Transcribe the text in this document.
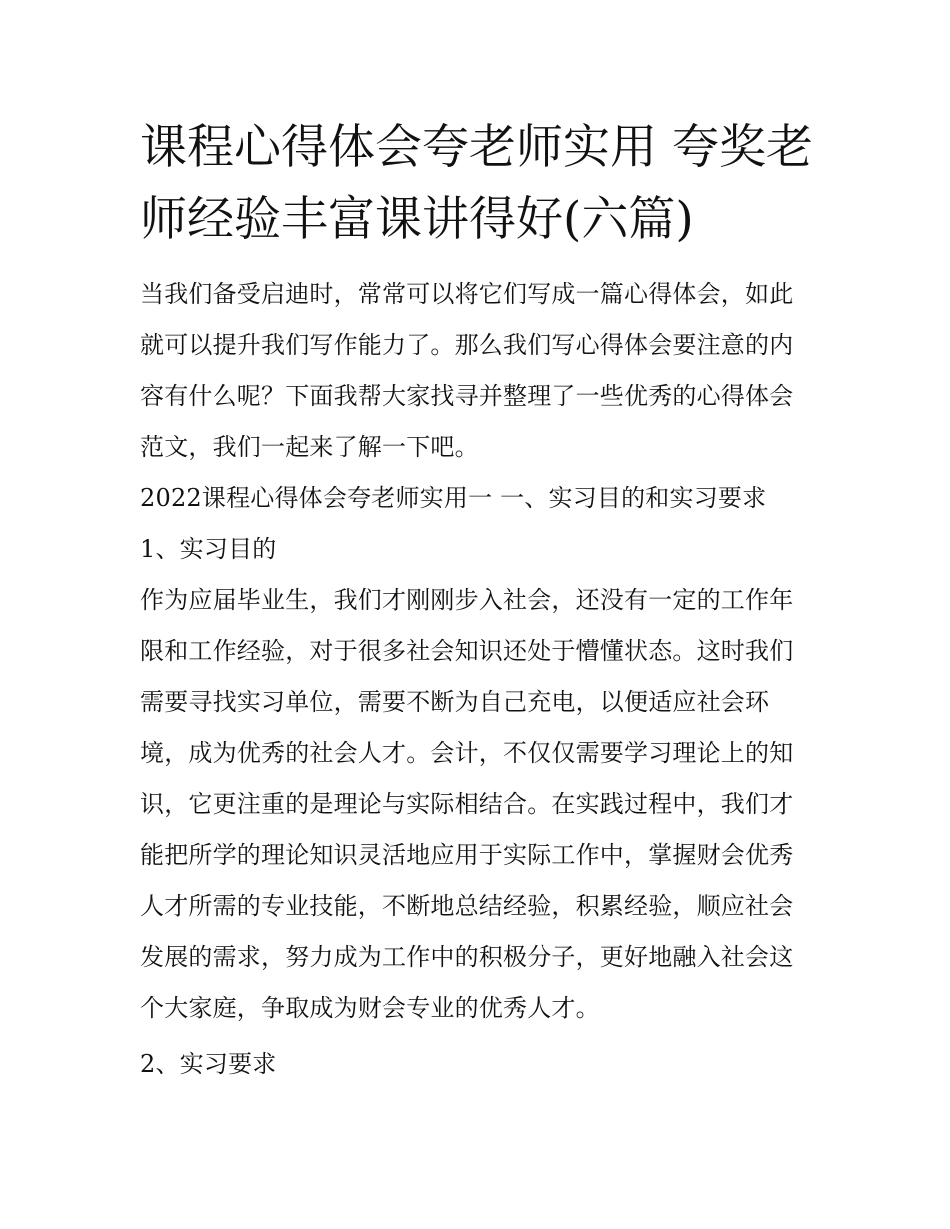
课程心得体会夸老师实用 夸奖老师经验丰富课讲得好(六篇)

当我们备受启迪时，常常可以将它们写成一篇心得体会，如此就可以提升我们写作能力了。那么我们写心得体会要注意的内容有什么呢？下面我帮大家找寻并整理了一些优秀的心得体会范文，我们一起来了解一下吧。

2022课程心得体会夸老师实用一 一、实习目的和实习要求

1、实习目的

作为应届毕业生，我们才刚刚步入社会，还没有一定的工作年限和工作经验，对于很多社会知识还处于懵懂状态。这时我们需要寻找实习单位，需要不断为自己充电，以便适应社会环境，成为优秀的社会人才。会计，不仅仅需要学习理论上的知识，它更注重的是理论与实际相结合。在实践过程中，我们才能把所学的理论知识灵活地应用于实际工作中，掌握财会优秀人才所需的专业技能，不断地总结经验，积累经验，顺应社会发展的需求，努力成为工作中的积极分子，更好地融入社会这个大家庭，争取成为财会专业的优秀人才。

2、实习要求
